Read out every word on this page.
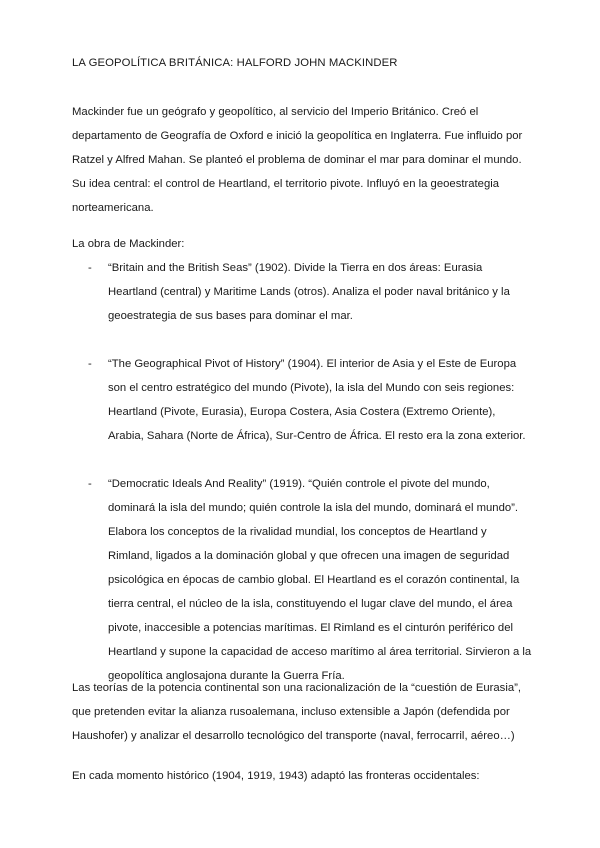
LA GEOPOLÍTICA BRITÁNICA: HALFORD JOHN MACKINDER

Mackinder fue un geógrafo y geopolítico, al servicio del Imperio Británico. Creó el departamento de Geografía de Oxford e inició la geopolítica en Inglaterra. Fue influido por Ratzel y Alfred Mahan. Se planteó el problema de dominar el mar para dominar el mundo. Su idea central: el control de Heartland, el territorio pivote. Influyó en la geoestrategia norteamericana.

La obra de Mackinder:

- “Britain and the British Seas” (1902). Divide la Tierra en dos áreas: Eurasia Heartland (central) y Maritime Lands (otros). Analiza el poder naval británico y la geoestrategia de sus bases para dominar el mar.
- “The Geographical Pivot of History” (1904). El interior de Asia y el Este de Europa son el centro estratégico del mundo (Pivote), la isla del Mundo con seis regiones: Heartland (Pivote, Eurasia), Europa Costera, Asia Costera (Extremo Oriente), Arabia, Sahara (Norte de África), Sur-Centro de África. El resto era la zona exterior.
- “Democratic Ideals And Reality” (1919). “Quién controle el pivote del mundo, dominará la isla del mundo; quién controle la isla del mundo, dominará el mundo”. Elabora los conceptos de la rivalidad mundial, los conceptos de Heartland y Rimland, ligados a la dominación global y que ofrecen una imagen de seguridad psicológica en épocas de cambio global. El Heartland es el corazón continental, la tierra central, el núcleo de la isla, constituyendo el lugar clave del mundo, el área pivote, inaccesible a potencias marítimas. El Rimland es el cinturón periférico del Heartland y supone la capacidad de acceso marítimo al área territorial. Sirvieron a la geopolítica anglosajona durante la Guerra Fría.

Las teorías de la potencia continental son una racionalización de la “cuestión de Eurasia”, que pretenden evitar la alianza rusoalemana, incluso extensible a Japón (defendida por Haushofer) y analizar el desarrollo tecnológico del transporte (naval, ferrocarril, aéreo…)

En cada momento histórico (1904, 1919, 1943) adaptó las fronteras occidentales:
